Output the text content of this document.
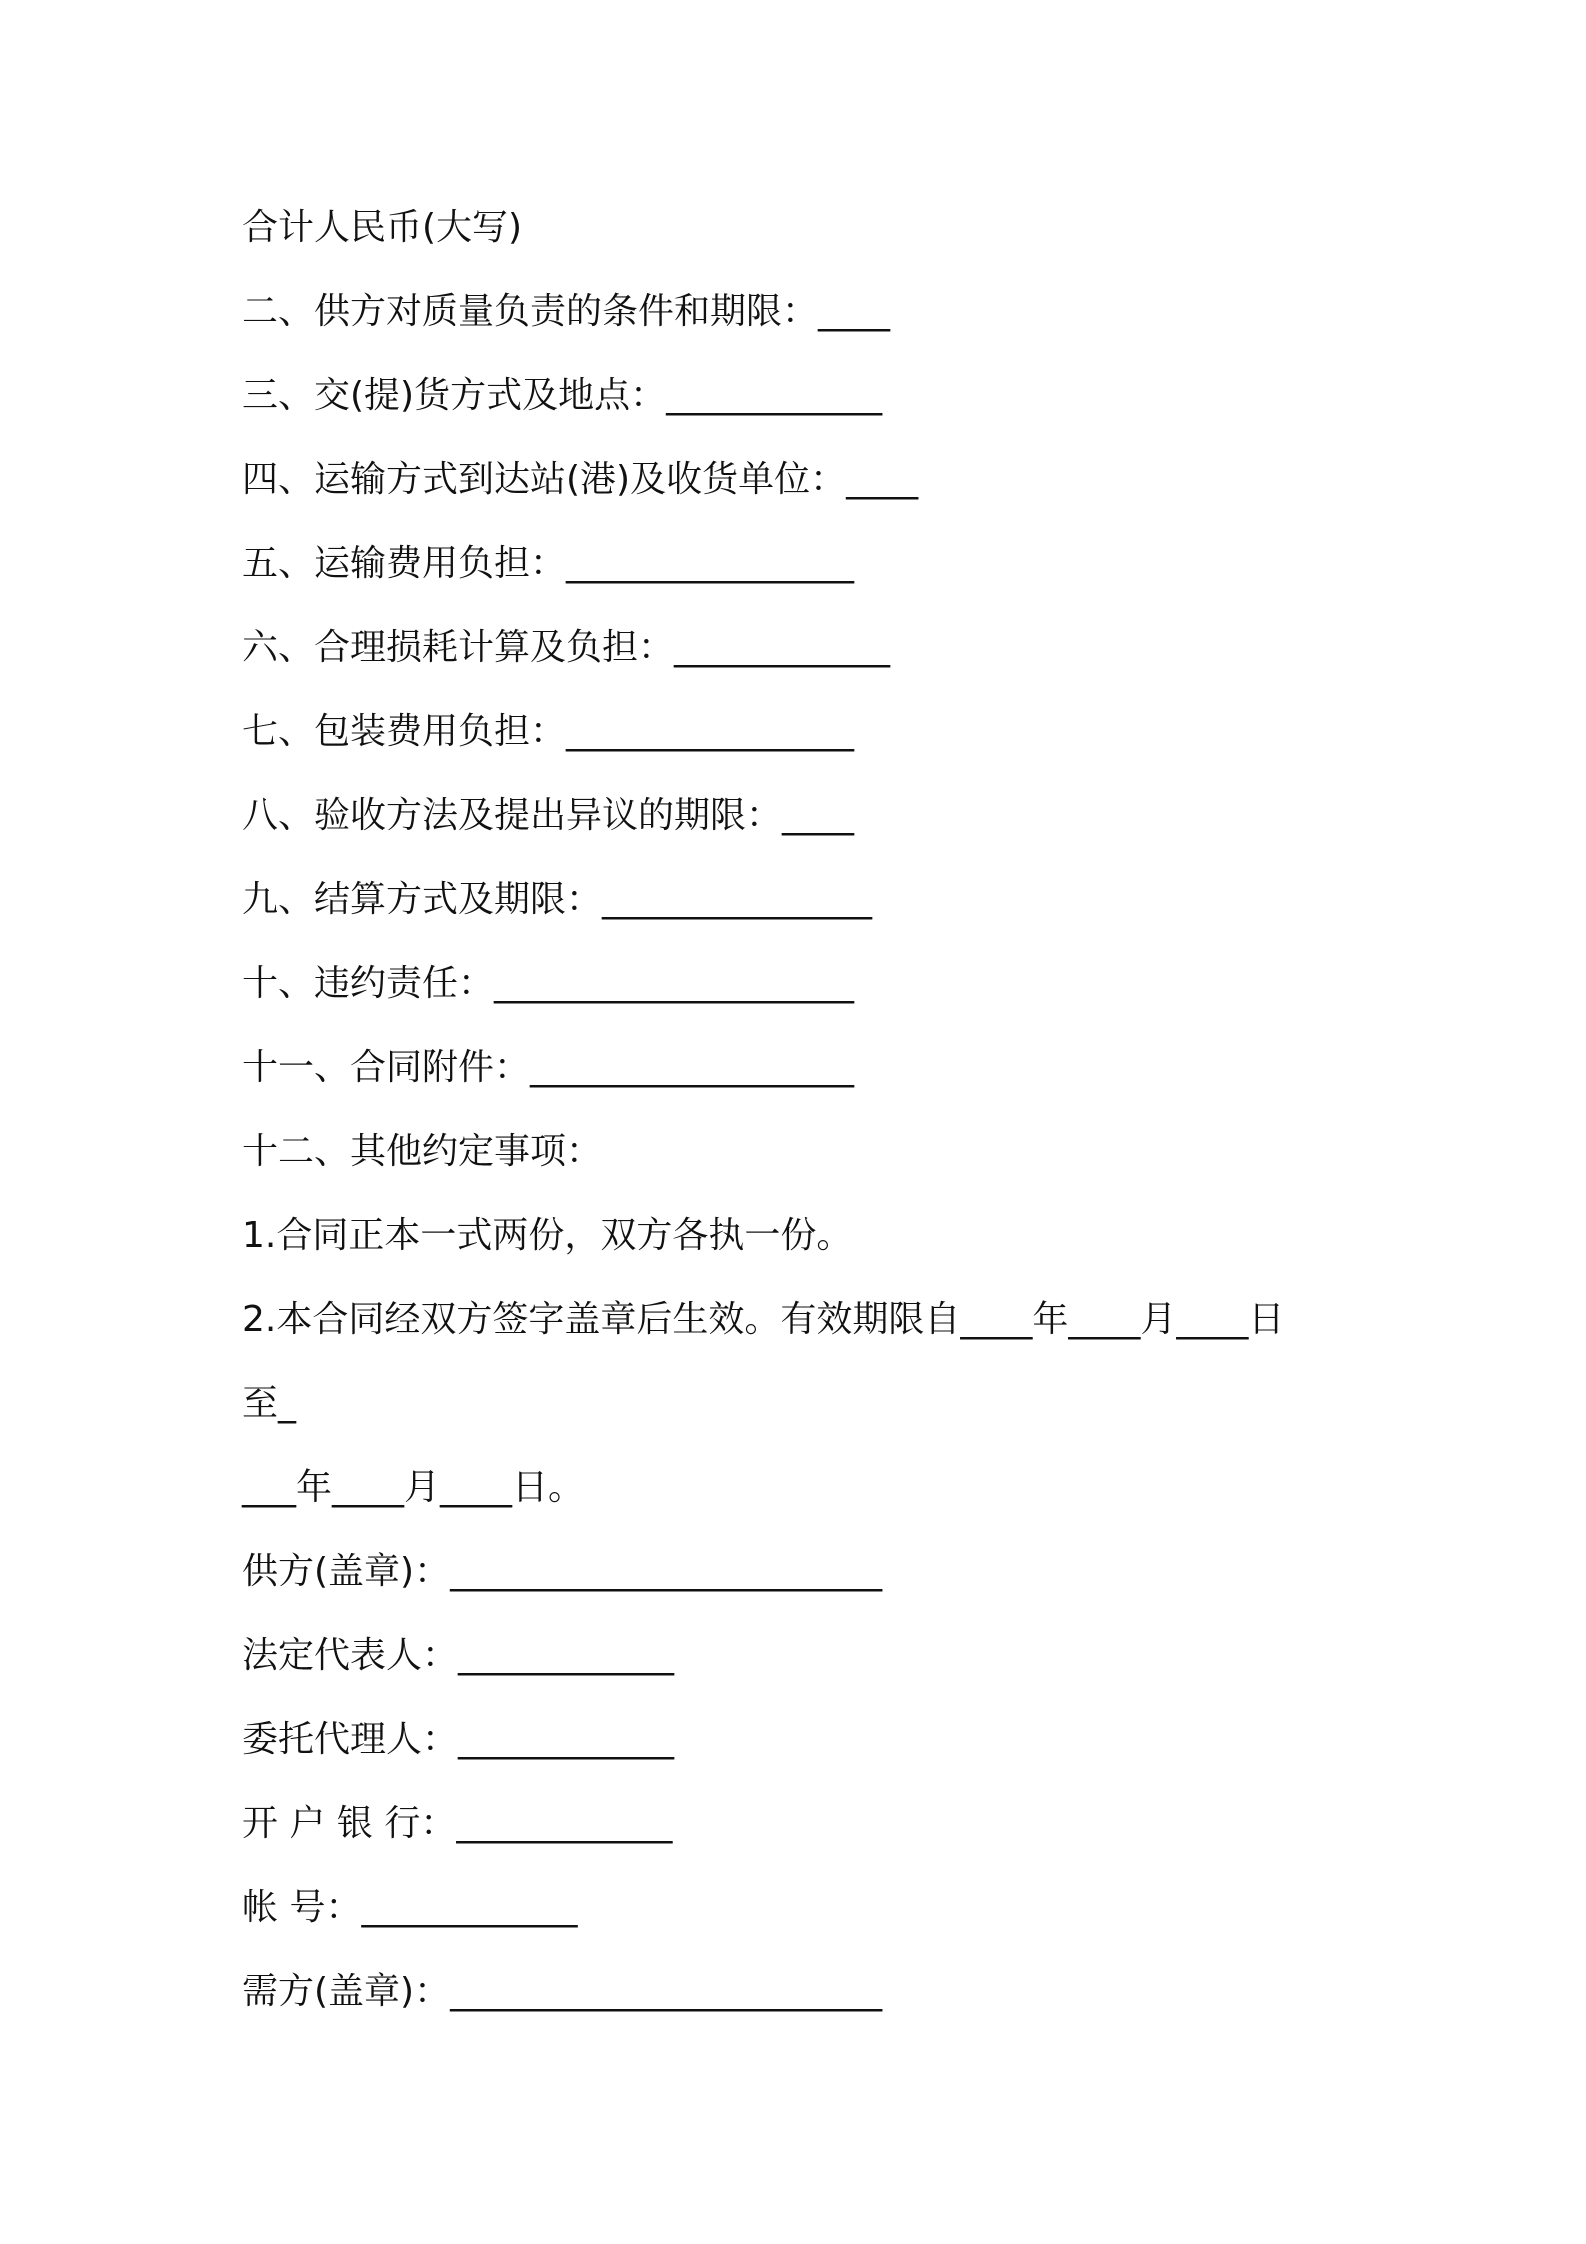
合计人民币(大写)
二、供方对质量负责的条件和期限：____
三、交(提)货方式及地点：____________
四、运输方式到达站(港)及收货单位：____
五、运输费用负担：________________
六、合理损耗计算及负担：____________
七、包装费用负担：________________
八、验收方法及提出异议的期限：____
九、结算方式及期限：_______________
十、违约责任：____________________
十一、合同附件：__________________
十二、其他约定事项：
1.合同正本一式两份，双方各执一份。
2.本合同经双方签字盖章后生效。有效期限自____年____月____日
至_
___年____月____日。
供方(盖章)：________________________
法定代表人：____________
委托代理人：____________
开 户 银 行：____________
帐 号：____________
需方(盖章)：________________________
